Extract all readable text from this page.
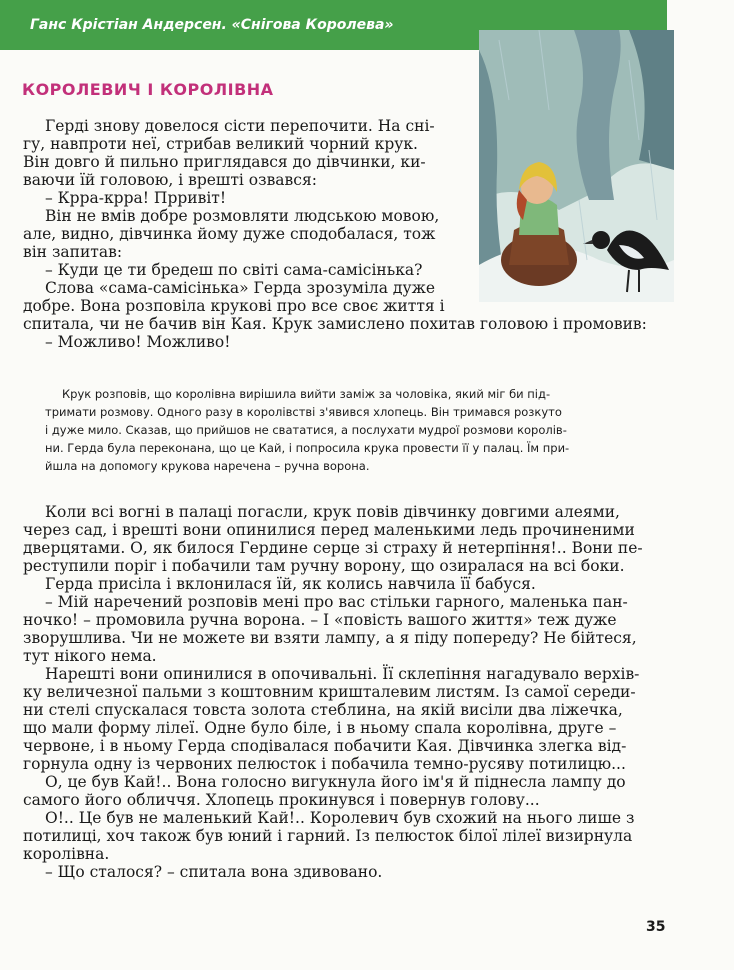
Ганс Крістіан Андерсен. «Снігова Королева»
КОРОЛЕВИЧ І КОРОЛІВНА
Герді знову довелося сісти перепочити. На сні-
гу, навпроти неї, стрибав великий чорний крук.
Він довго й пильно приглядався до дівчинки, ки-
ваючи їй головою, і врешті озвався:
– Крра-крра! Прривіт!
Він не вмів добре розмовляти людською мовою,
але, видно, дівчинка йому дуже сподобалася, тож
він запитав:
– Куди це ти бредеш по світі сама-самісінька?
Слова «сама-самісінька» Герда зрозуміла дуже
добре. Вона розповіла крукові про все своє життя і
спитала, чи не бачив він Кая. Крук замислено похитав головою і промовив:
– Можливо! Можливо!
Крук розповів, що королівна вирішила вийти заміж за чоловіка, який міг би під-
тримати розмову. Одного разу в королівстві з'явився хлопець. Він тримався розкуто
і дуже мило. Сказав, що прийшов не свататися, а послухати мудрої розмови королів-
ни. Герда була переконана, що це Кай, і попросила крука провести її у палац. Їм при-
йшла на допомогу крукова наречена – ручна ворона.
Коли всі вогні в палаці погасли, крук повів дівчинку довгими алеями,
через сад, і врешті вони опинилися перед маленькими ледь прочиненими
дверцятами. О, як билося Гердине серце зі страху й нетерпіння!.. Вони пе-
реступили поріг і побачили там ручну ворону, що озиралася на всі боки.
Герда присіла і вклонилася їй, як колись навчила її бабуся.
– Мій наречений розповів мені про вас стільки гарного, маленька пан-
ночко! – промовила ручна ворона. – І «повість вашого життя» теж дуже
зворушлива. Чи не можете ви взяти лампу, а я піду попереду? Не бійтеся,
тут нікого нема.
Нарешті вони опинилися в опочивальні. Її склепіння нагадувало верхів-
ку величезної пальми з коштовним кришталевим листям. Із самої середи-
ни стелі спускалася товста золота стеблина, на якій висіли два ліжечка,
що мали форму лілеї. Одне було біле, і в ньому спала королівна, друге –
червоне, і в ньому Герда сподівалася побачити Кая. Дівчинка злегка від-
горнула одну із червоних пелюсток і побачила темно-русяву потилицю...
О, це був Кай!.. Вона голосно вигукнула його ім'я й піднесла лампу до
самого його обличчя. Хлопець прокинувся і повернув голову...
О!.. Це був не маленький Кай!.. Королевич був схожий на нього лише з
потилиці, хоч також був юний і гарний. Із пелюсток білої лілеї визирнула
королівна.
– Що сталося? – спитала вона здивовано.
35
